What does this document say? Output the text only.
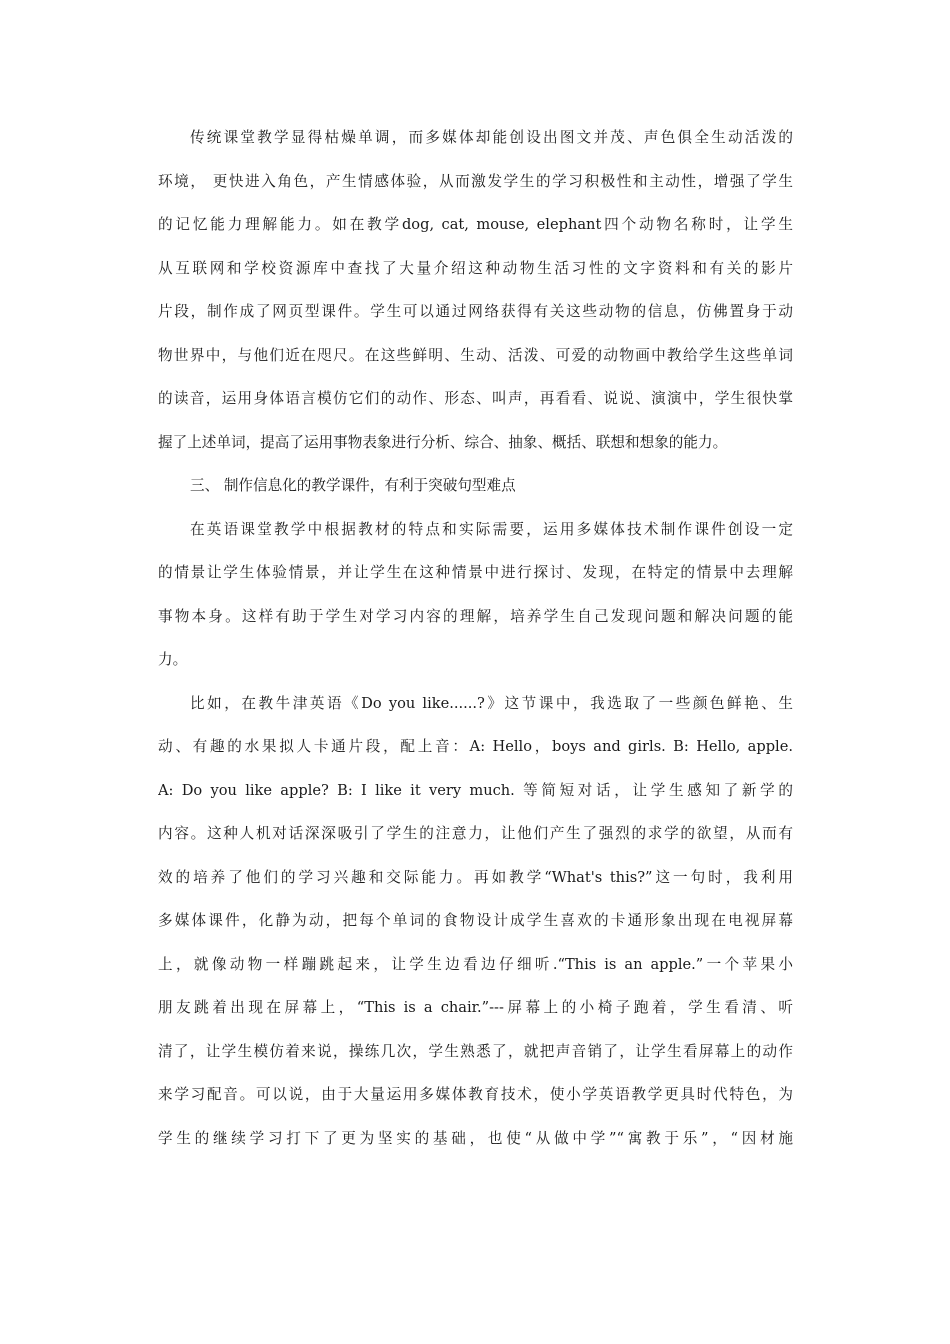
传统课堂教学显得枯燥单调，而多媒体却能创设出图文并茂、声色俱全生动活泼的
环境， 更快进入角色，产生情感体验，从而激发学生的学习积极性和主动性，增强了学生
的记忆能力理解能力。如在教学dog, cat, mouse, elephant四个动物名称时，让学生
从互联网和学校资源库中查找了大量介绍这种动物生活习性的文字资料和有关的影片
片段，制作成了网页型课件。学生可以通过网络获得有关这些动物的信息，仿佛置身于动
物世界中，与他们近在咫尺。在这些鲜明、生动、活泼、可爱的动物画中教给学生这些单词
的读音，运用身体语言模仿它们的动作、形态、叫声，再看看、说说、演演中，学生很快掌
握了上述单词，提高了运用事物表象进行分析、综合、抽象、概括、联想和想象的能力。
三、 制作信息化的教学课件，有利于突破句型难点
在英语课堂教学中根据教材的特点和实际需要，运用多媒体技术制作课件创设一定
的情景让学生体验情景，并让学生在这种情景中进行探讨、发现，在特定的情景中去理解
事物本身。这样有助于学生对学习内容的理解，培养学生自己发现问题和解决问题的能
力。
比如，在教牛津英语《Do you like......?》这节课中，我选取了一些颜色鲜艳、生
动、有趣的水果拟人卡通片段，配上音：A: Hello，boys and girls. B: Hello, apple.
A: Do you like apple? B: I like it very much. 等简短对话，让学生感知了新学的
内容。这种人机对话深深吸引了学生的注意力，让他们产生了强烈的求学的欲望，从而有
效的培养了他们的学习兴趣和交际能力。再如教学“What's this?”这一句时，我利用
多媒体课件，化静为动，把每个单词的食物设计成学生喜欢的卡通形象出现在电视屏幕
上，就像动物一样蹦跳起来，让学生边看边仔细听.“This is an apple.”一个苹果小
朋友跳着出现在屏幕上，“This is a chair.”---屏幕上的小椅子跑着，学生看清、听
清了，让学生模仿着来说，操练几次，学生熟悉了，就把声音销了，让学生看屏幕上的动作
来学习配音。可以说，由于大量运用多媒体教育技术，使小学英语教学更具时代特色，为
学生的继续学习打下了更为坚实的基础，也使“从做中学”“寓教于乐”，“因材施
